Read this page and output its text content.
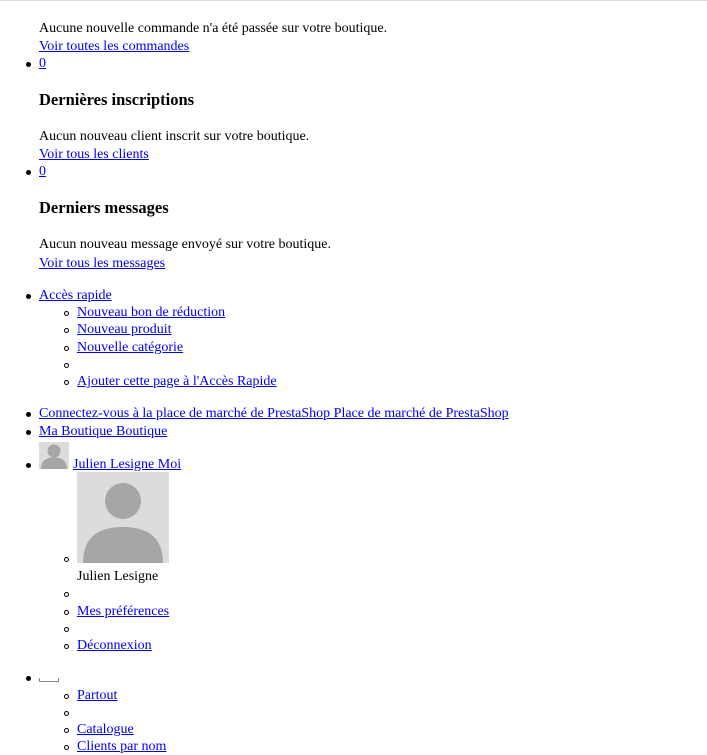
Aucune nouvelle commande n'a été passée sur votre boutique.
Voir toutes les commandes
0
Dernières inscriptions
Aucun nouveau client inscrit sur votre boutique.
Voir tous les clients
0
Derniers messages
Aucun nouveau message envoyé sur votre boutique.
Voir tous les messages
Accès rapide
Nouveau bon de réduction
Nouveau produit
Nouvelle catégorie
Ajouter cette page à l'Accès Rapide
Connectez-vous à la place de marché de PrestaShop Place de marché de PrestaShop
Ma Boutique Boutique
Julien Lesigne Moi
Julien Lesigne
Mes préférences
Déconnexion
Partout
Catalogue
Clients par nom
